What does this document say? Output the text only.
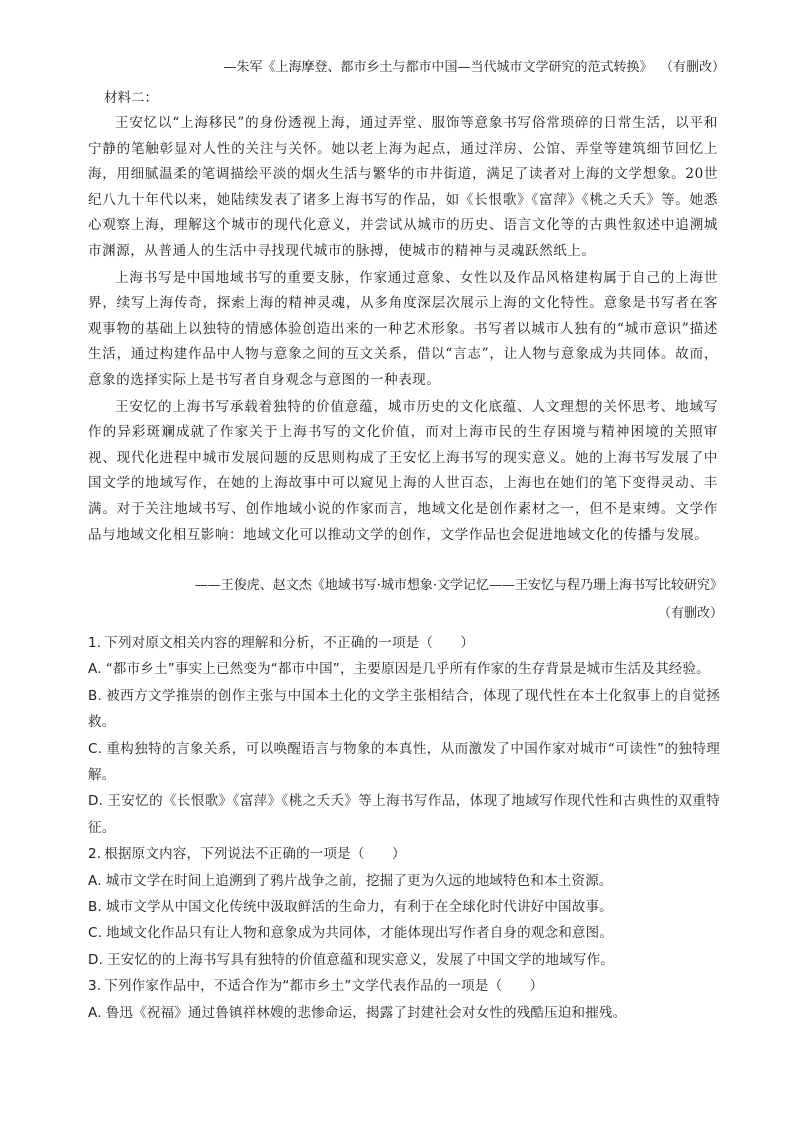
—朱军《上海摩登、都市乡土与都市中国—当代城市文学研究的范式转换》 （有删改）
材料二：

王安忆以“上海移民”的身份透视上海，通过弄堂、服饰等意象书写俗常琐碎的日常生活，以平和宁静的笔触彰显对人性的关注与关怀。她以老上海为起点，通过洋房、公馆、弄堂等建筑细节回忆上海，用细腻温柔的笔调描绘平淡的烟火生活与繁华的市井街道，满足了读者对上海的文学想象。20世纪八九十年代以来，她陆续发表了诸多上海书写的作品，如《长恨歌》《富萍》《桃之夭夭》等。她悉心观察上海，理解这个城市的现代化意义，并尝试从城市的历史、语言文化等的古典性叙述中追溯城市渊源，从普通人的生活中寻找现代城市的脉搏，使城市的精神与灵魂跃然纸上。

上海书写是中国地域书写的重要支脉，作家通过意象、女性以及作品风格建构属于自己的上海世界，续写上海传奇，探索上海的精神灵魂，从多角度深层次展示上海的文化特性。意象是书写者在客观事物的基础上以独特的情感体验创造出来的一种艺术形象。书写者以城市人独有的“城市意识”描述生活，通过构建作品中人物与意象之间的互文关系，借以“言志”，让人物与意象成为共同体。故而，意象的选择实际上是书写者自身观念与意图的一种表现。

王安忆的上海书写承载着独特的价值意蕴，城市历史的文化底蕴、人文理想的关怀思考、地域写作的异彩斑斓成就了作家关于上海书写的文化价值，而对上海市民的生存困境与精神困境的关照审视、现代化进程中城市发展问题的反思则构成了王安忆上海书写的现实意义。她的上海书写发展了中国文学的地域写作，在她的上海故事中可以窥见上海的人世百态，上海也在她们的笔下变得灵动、丰满。对于关注地域书写、创作地域小说的作家而言，地域文化是创作素材之一，但不是束缚。文学作品与地域文化相互影响：地域文化可以推动文学的创作，文学作品也会促进地域文化的传播与发展。

——王俊虎、赵文杰《地域书写·城市想象·文学记忆——王安忆与程乃珊上海书写比较研究》
（有删改）
1. 下列对原文相关内容的理解和分析，不正确的一项是（　　）
A. “都市乡土”事实上已然变为“都市中国”，主要原因是几乎所有作家的生存背景是城市生活及其经验。
B. 被西方文学推崇的创作主张与中国本土化的文学主张相结合，体现了现代性在本土化叙事上的自觉拯救。
C. 重构独特的言象关系，可以唤醒语言与物象的本真性，从而激发了中国作家对城市“可读性”的独特理解。
D. 王安忆的《长恨歌》《富萍》《桃之夭夭》等上海书写作品，体现了地域写作现代性和古典性的双重特征。
2. 根据原文内容，下列说法不正确的一项是（　　）
A. 城市文学在时间上追溯到了鸦片战争之前，挖掘了更为久远的地域特色和本土资源。
B. 城市文学从中国文化传统中汲取鲜活的生命力，有利于在全球化时代讲好中国故事。
C. 地域文化作品只有让人物和意象成为共同体，才能体现出写作者自身的观念和意图。
D. 王安忆的的上海书写具有独特的价值意蕴和现实意义，发展了中国文学的地域写作。
3. 下列作家作品中，不适合作为“都市乡土”文学代表作品的一项是（　　）
A. 鲁迅《祝福》通过鲁镇祥林嫂的悲惨命运，揭露了封建社会对女性的残酷压迫和摧残。
